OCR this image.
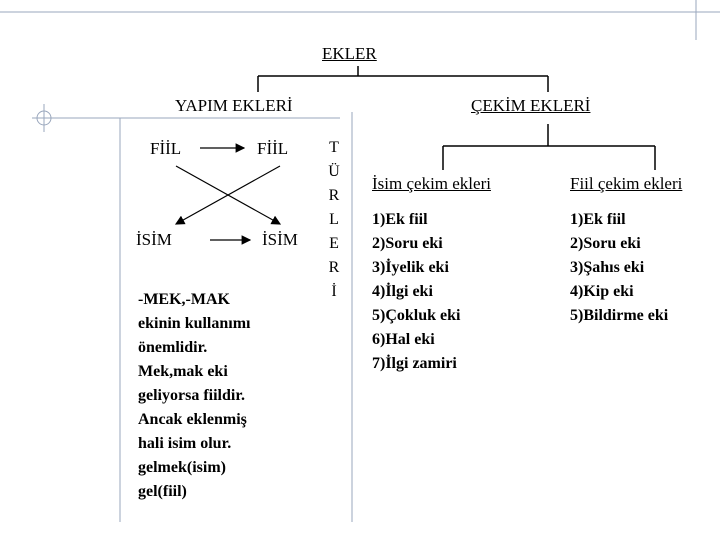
EKLER
YAPIM EKLERİ
FİİL	FİİL
İSİM	İSİM
T
Ü
R
L
E
R
İ
-MEK,-MAK
ekinin kullanımı
önemlidir.
Mek,mak eki
geliyorsa fiildir.
Ancak eklenmiş
hali isim olur.
gelmek(isim)
gel(fiil)
ÇEKİM EKLERİ
İsim çekim ekleri	Fiil çekim ekleri
1)Ek fiil
2)Soru eki
3)İyelik eki
4)İlgi eki
5)Çokluk eki
6)Hal eki
7)İlgi zamiri
1)Ek fiil
2)Soru eki
3)Şahıs eki
4)Kip eki
5)Bildirme eki
